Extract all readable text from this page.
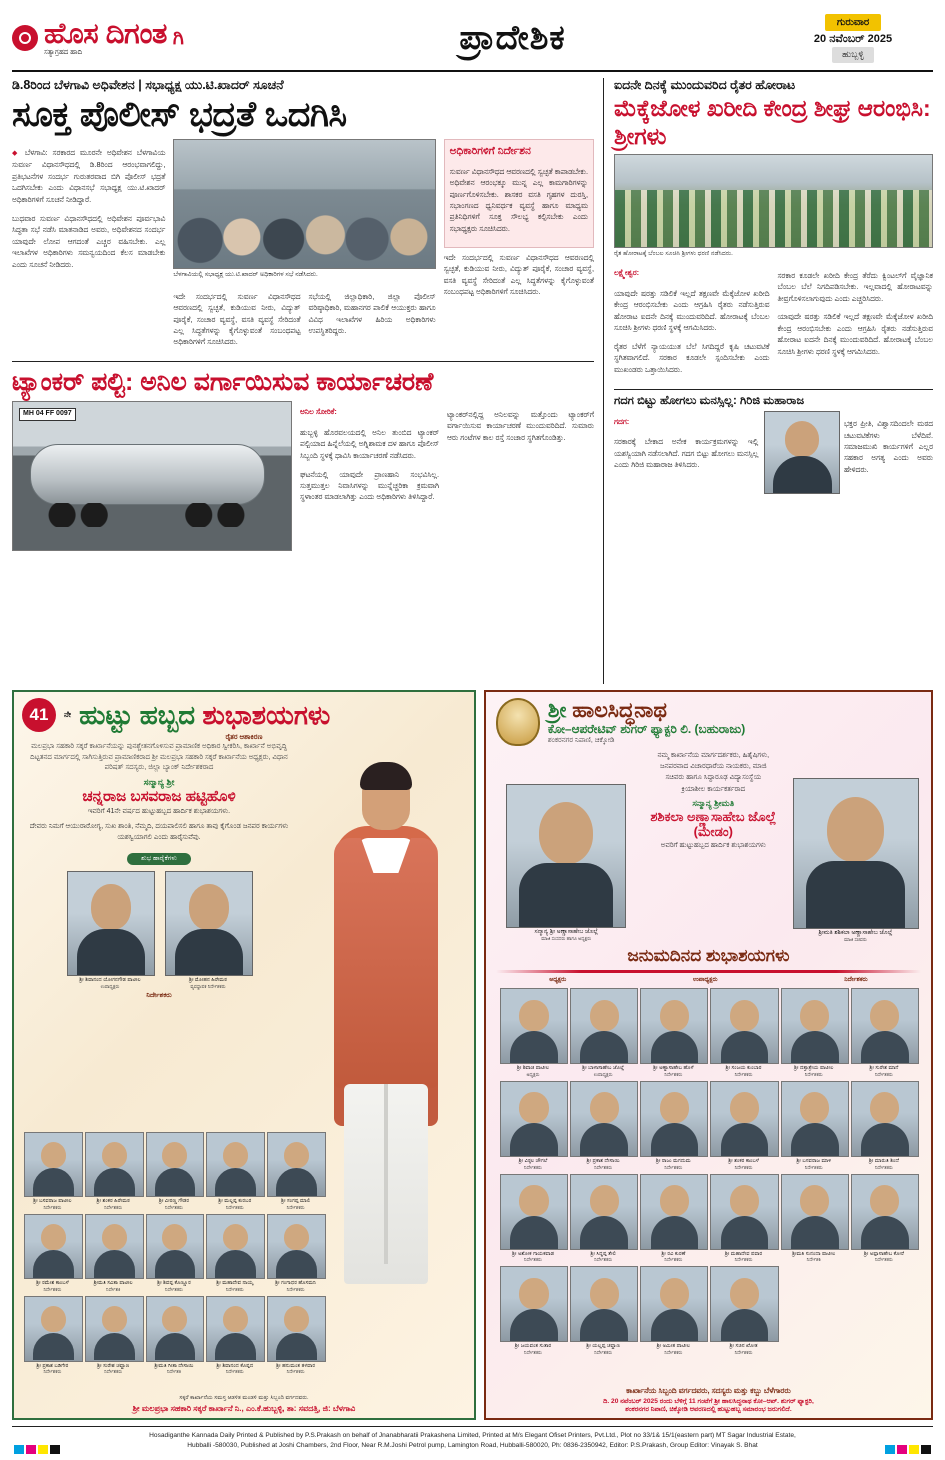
ಹೊಸ ದಿಗಂತ
ಸತ್ಯಾಗ್ರಹದ ಹಾದಿ
ಗಿ	ಪ್ರಾದೇಶಿಕ	ಗುರುವಾರ
20 ನವೆಂಬರ್ 2025
ಹುಬ್ಬಳ್ಳಿ
ಡಿ.8ರಿಂದ ಬೆಳಗಾವಿ ಅಧಿವೇಶನ | ಸಭಾಧ್ಯಕ್ಷ ಯು.ಟಿ.ಖಾದರ್ ಸೂಚನೆ
ಸೂಕ್ತ ಪೊಲೀಸ್ ಭದ್ರತೆ ಒದಗಿಸಿ

◆ ಬೆಳಗಾವಿ: ಸರಕಾರದ ಮೂರನೇ ಅಧಿವೇಶನ ಬೆಳಗಾವಿಯ ಸುವರ್ಣ ವಿಧಾನಸೌಧದಲ್ಲಿ ಡಿ.8ರಿಂದ ಆರಂಭವಾಗಲಿದ್ದು, ಪ್ರತಿಭಟನೆಗಳ ಸಂದರ್ಭ ಗುರುತರವಾದ ಬಿಗಿ ಪೊಲೀಸ್ ಭದ್ರತೆ ಒದಗಿಸಬೇಕು ಎಂದು ವಿಧಾನಸಭೆ ಸಭಾಧ್ಯಕ್ಷ ಯು.ಟಿ.ಖಾದರ್ ಅಧಿಕಾರಿಗಳಿಗೆ ಸೂಚನೆ ನೀಡಿದ್ದಾರೆ.

ಬುಧವಾರ ಸುವರ್ಣ ವಿಧಾನಸೌಧದಲ್ಲಿ ಅಧಿವೇಶನ ಪೂರ್ವಭಾವಿ ಸಿದ್ಧತಾ ಸಭೆ ನಡೆಸಿ ಮಾತನಾಡಿದ ಅವರು, ಅಧಿವೇಶನದ ಸಂದರ್ಭ ಯಾವುದೇ ಲೋಪ ಆಗದಂತೆ ಎಚ್ಚರ ವಹಿಸಬೇಕು. ಎಲ್ಲ ಇಲಾಖೆಗಳ ಅಧಿಕಾರಿಗಳು ಸಮನ್ವಯದಿಂದ ಕೆಲಸ ಮಾಡಬೇಕು ಎಂದು ಸೂಚನೆ ನೀಡಿದರು.

ಬೆಳಗಾವಿಯಲ್ಲಿ ಸಭಾಧ್ಯಕ್ಷ ಯು.ಟಿ.ಖಾದರ್ ಅಧಿಕಾರಿಗಳ ಸಭೆ ನಡೆಸಿದರು.

ಇದೇ ಸಂದರ್ಭದಲ್ಲಿ ಸುವರ್ಣ ವಿಧಾನಸೌಧದ ಆವರಣದಲ್ಲಿ ಸ್ವಚ್ಛತೆ, ಕುಡಿಯುವ ನೀರು, ವಿದ್ಯುತ್ ಪೂರೈಕೆ, ಸಂಚಾರ ವ್ಯವಸ್ಥೆ, ವಸತಿ ವ್ಯವಸ್ಥೆ ಸೇರಿದಂತೆ ಎಲ್ಲ ಸಿದ್ಧತೆಗಳನ್ನು ಕೈಗೊಳ್ಳುವಂತೆ ಸಂಬಂಧಪಟ್ಟ ಅಧಿಕಾರಿಗಳಿಗೆ ಸೂಚಿಸಿದರು.

ಸಭೆಯಲ್ಲಿ ಜಿಲ್ಲಾಧಿಕಾರಿ, ಜಿಲ್ಲಾ ಪೊಲೀಸ್ ವರಿಷ್ಠಾಧಿಕಾರಿ, ಮಹಾನಗರ ಪಾಲಿಕೆ ಆಯುಕ್ತರು ಹಾಗೂ ವಿವಿಧ ಇಲಾಖೆಗಳ ಹಿರಿಯ ಅಧಿಕಾರಿಗಳು ಉಪಸ್ಥಿತರಿದ್ದರು.

ಅಧಿಕಾರಿಗಳಿಗೆ ನಿರ್ದೇಶನ

ಸುವರ್ಣ ವಿಧಾನಸೌಧದ ಆವರಣದಲ್ಲಿ ಸ್ವಚ್ಛತೆ ಕಾಪಾಡಬೇಕು. ಅಧಿವೇಶನ ಆರಂಭಕ್ಕೂ ಮುನ್ನ ಎಲ್ಲ ಕಾಮಗಾರಿಗಳನ್ನು ಪೂರ್ಣಗೊಳಿಸಬೇಕು. ಶಾಸಕರ ವಸತಿ ಗೃಹಗಳ ದುರಸ್ತಿ, ಸಭಾಂಗಣದ ಧ್ವನಿವರ್ಧಕ ವ್ಯವಸ್ಥೆ ಹಾಗೂ ಮಾಧ್ಯಮ ಪ್ರತಿನಿಧಿಗಳಿಗೆ ಸೂಕ್ತ ಸೌಲಭ್ಯ ಕಲ್ಪಿಸಬೇಕು ಎಂದು ಸಭಾಧ್ಯಕ್ಷರು ಸೂಚಿಸಿದರು.

ಇದೇ ಸಂದರ್ಭದಲ್ಲಿ ಸುವರ್ಣ ವಿಧಾನಸೌಧದ ಆವರಣದಲ್ಲಿ ಸ್ವಚ್ಛತೆ, ಕುಡಿಯುವ ನೀರು, ವಿದ್ಯುತ್ ಪೂರೈಕೆ, ಸಂಚಾರ ವ್ಯವಸ್ಥೆ, ವಸತಿ ವ್ಯವಸ್ಥೆ ಸೇರಿದಂತೆ ಎಲ್ಲ ಸಿದ್ಧತೆಗಳನ್ನು ಕೈಗೊಳ್ಳುವಂತೆ ಸಂಬಂಧಪಟ್ಟ ಅಧಿಕಾರಿಗಳಿಗೆ ಸೂಚಿಸಿದರು.

ಟ್ಯಾಂಕರ್ ಪಲ್ಟಿ: ಅನಿಲ ವರ್ಗಾಯಿಸುವ ಕಾರ್ಯಾಚರಣೆ
MH 04 FF 0097	ಅನಿಲ ಸೋರಿಕೆ:

ಹುಬ್ಬಳ್ಳಿ ಹೊರವಲಯದಲ್ಲಿ ಅನಿಲ ತುಂಬಿದ ಟ್ಯಾಂಕರ್ ಪಲ್ಟಿಯಾದ ಹಿನ್ನೆಲೆಯಲ್ಲಿ ಅಗ್ನಿಶಾಮಕ ದಳ ಹಾಗೂ ಪೊಲೀಸ್ ಸಿಬ್ಬಂದಿ ಸ್ಥಳಕ್ಕೆ ಧಾವಿಸಿ ಕಾರ್ಯಾಚರಣೆ ನಡೆಸಿದರು.

ಘಟನೆಯಲ್ಲಿ ಯಾವುದೇ ಪ್ರಾಣಹಾನಿ ಸಂಭವಿಸಿಲ್ಲ. ಸುತ್ತಮುತ್ತಲ ನಿವಾಸಿಗಳನ್ನು ಮುನ್ನೆಚ್ಚರಿಕಾ ಕ್ರಮವಾಗಿ ಸ್ಥಳಾಂತರ ಮಾಡಲಾಗಿತ್ತು ಎಂದು ಅಧಿಕಾರಿಗಳು ತಿಳಿಸಿದ್ದಾರೆ.

ಟ್ಯಾಂಕರ್‌ನಲ್ಲಿದ್ದ ಅನಿಲವನ್ನು ಮತ್ತೊಂದು ಟ್ಯಾಂಕರ್‌ಗೆ ವರ್ಗಾಯಿಸುವ ಕಾರ್ಯಾಚರಣೆ ಮುಂದುವರಿದಿದೆ. ಸುಮಾರು ಆರು ಗಂಟೆಗಳ ಕಾಲ ರಸ್ತೆ ಸಂಚಾರ ಸ್ಥಗಿತಗೊಂಡಿತ್ತು.

ಐದನೇ ದಿನಕ್ಕೆ ಮುಂದುವರಿದ ರೈತರ ಹೋರಾಟ
ಮೆಕ್ಕೆಜೋಳ ಖರೀದಿ ಕೇಂದ್ರ ಶೀಘ್ರ ಆರಂಭಿಸಿ: ಶ್ರೀಗಳು
ರೈತ ಹೋರಾಟಕ್ಕೆ ಬೆಂಬಲ ಸೂಚಿಸಿ ಶ್ರೀಗಳು ಧರಣಿ ನಡೆಸಿದರು.
ಲಕ್ಷ್ಮೇಶ್ವರ:

ಯಾವುದೇ ಷರತ್ತು ಸಡಿಲಿಕೆ ಇಲ್ಲದೆ ತಕ್ಷಣವೇ ಮೆಕ್ಕೆಜೋಳ ಖರೀದಿ ಕೇಂದ್ರ ಆರಂಭಿಸಬೇಕು ಎಂದು ಆಗ್ರಹಿಸಿ ರೈತರು ನಡೆಸುತ್ತಿರುವ ಹೋರಾಟ ಐದನೇ ದಿನಕ್ಕೆ ಮುಂದುವರಿದಿದೆ. ಹೋರಾಟಕ್ಕೆ ಬೆಂಬಲ ಸೂಚಿಸಿ ಶ್ರೀಗಳು ಧರಣಿ ಸ್ಥಳಕ್ಕೆ ಆಗಮಿಸಿದರು.

ರೈತರ ಬೆಳೆಗೆ ನ್ಯಾಯಯುತ ಬೆಲೆ ಸಿಗದಿದ್ದರೆ ಕೃಷಿ ಚಟುವಟಿಕೆ ಸ್ಥಗಿತವಾಗಲಿದೆ. ಸರಕಾರ ಕೂಡಲೇ ಸ್ಪಂದಿಸಬೇಕು ಎಂದು ಮುಖಂಡರು ಒತ್ತಾಯಿಸಿದರು.

ಸರಕಾರ ಕೂಡಲೇ ಖರೀದಿ ಕೇಂದ್ರ ತೆರೆದು ಕ್ವಿಂಟಲ್‌ಗೆ ವೈಜ್ಞಾನಿಕ ಬೆಂಬಲ ಬೆಲೆ ನಿಗದಿಪಡಿಸಬೇಕು. ಇಲ್ಲವಾದಲ್ಲಿ ಹೋರಾಟವನ್ನು ತೀವ್ರಗೊಳಿಸಲಾಗುವುದು ಎಂದು ಎಚ್ಚರಿಸಿದರು.

ಯಾವುದೇ ಷರತ್ತು ಸಡಿಲಿಕೆ ಇಲ್ಲದೆ ತಕ್ಷಣವೇ ಮೆಕ್ಕೆಜೋಳ ಖರೀದಿ ಕೇಂದ್ರ ಆರಂಭಿಸಬೇಕು ಎಂದು ಆಗ್ರಹಿಸಿ ರೈತರು ನಡೆಸುತ್ತಿರುವ ಹೋರಾಟ ಐದನೇ ದಿನಕ್ಕೆ ಮುಂದುವರಿದಿದೆ. ಹೋರಾಟಕ್ಕೆ ಬೆಂಬಲ ಸೂಚಿಸಿ ಶ್ರೀಗಳು ಧರಣಿ ಸ್ಥಳಕ್ಕೆ ಆಗಮಿಸಿದರು.

ಗದಗ ಬಿಟ್ಟು ಹೋಗಲು ಮನಸ್ಸಿಲ್ಲ: ಗಿರಿಜಿ ಮಹಾರಾಜ
ಗದಗ:

ಸರಕಾರಕ್ಕೆ ಬೇಕಾದ ಅನೇಕ ಕಾರ್ಯಕ್ರಮಗಳನ್ನು ಇಲ್ಲಿ ಯಶಸ್ವಿಯಾಗಿ ನಡೆಸಲಾಗಿದೆ. ಗದಗ ಬಿಟ್ಟು ಹೋಗಲು ಮನಸ್ಸಿಲ್ಲ ಎಂದು ಗಿರಿಜಿ ಮಹಾರಾಜ ತಿಳಿಸಿದರು.

ಭಕ್ತರ ಪ್ರೀತಿ, ವಿಶ್ವಾಸದಿಂದಲೇ ಮಠದ ಚಟುವಟಿಕೆಗಳು ಬೆಳೆದಿವೆ. ಸಮಾಜಮುಖಿ ಕಾರ್ಯಗಳಿಗೆ ಎಲ್ಲರ ಸಹಕಾರ ಅಗತ್ಯ ಎಂದು ಅವರು ಹೇಳಿದರು.

41	ನೇ ಹುಟ್ಟು ಹಬ್ಬದ ಶುಭಾಶಯಗಳು
ರೈತರ ಆಶಾಕಿರಣ
ಮಲಪ್ರಭಾ ಸಹಕಾರಿ ಸಕ್ಕರೆ ಕಾರ್ಖಾನೆಯನ್ನು ಪುನಶ್ಚೇತನಗೊಳಿಸುವ ಪ್ರಾಮಾಣಿಕ ಅಧಿಕಾರ ಸ್ವೀಕರಿಸಿ, ಕಾರ್ಖಾನೆ ಅಭಿವೃದ್ಧಿ ದಿಟ್ಟತನದ ಮಾರ್ಗದಲ್ಲಿ ಸಾಗಿಸುತ್ತಿರುವ ಪ್ರಾಮಾಣಿಕರಾದ ಶ್ರೀ ಮಲಪ್ರಭಾ ಸಹಕಾರಿ ಸಕ್ಕರೆ ಕಾರ್ಖಾನೆಯ ಅಧ್ಯಕ್ಷರು, ವಿಧಾನ ಪರಿಷತ್ ಸದಸ್ಯರು, ಜಿಲ್ಲಾ ಬ್ಯಾಂಕ್ ನಿರ್ದೇಶಕರಾದ
ಸನ್ಮಾನ್ಯ ಶ್ರೀ
ಚನ್ನರಾಜ ಬಸವರಾಜ ಹಟ್ಟಿಹೊಳಿ
ಇವರಿಗೆ 41ನೇ ವರ್ಷದ ಹುಟ್ಟುಹಬ್ಬದ ಹಾರ್ದಿಕ ಶುಭಾಶಯಗಳು.
ದೇವರು ನಿಮಗೆ ಆಯುರಾರೋಗ್ಯ, ಸುಖ ಶಾಂತಿ, ನೆಮ್ಮದಿ, ದಯಪಾಲಿಸಲಿ ಹಾಗೂ ತಾವು ಕೈಗೊಂಡ ಜನಪರ ಕಾರ್ಯಗಳು ಯಶಸ್ವಿಯಾಗಲಿ ಎಂದು ಹಾರೈಸುವೆವು.
ಶುಭ ಹಾರೈಕೆಗಳು
ಶ್ರೀ ಶಿವಾನಂದ ಯೋಗನಗೌಡ ಪಾಟೀಲ
ಉಪಾಧ್ಯಕ್ಷರು
ಶ್ರೀ ಮೋಹನ ಹಿರೇಮಠ
ವ್ಯವಸ್ಥಾಪಕ ನಿರ್ದೇಶಕರು
ನಿರ್ದೇಶಕರು
ಶ್ರೀ ಬಸವರಾಜ ಪಾಟೀಲ
ನಿರ್ದೇಶಕರು
ಶ್ರೀ ಶಂಕರ ಹಿರೇಮಠ
ನಿರ್ದೇಶಕರು
ಶ್ರೀ ವೀರಣ್ಣ ಗೌಡರ
ನಿರ್ದೇಶಕರು
ಶ್ರೀ ಮಲ್ಲಪ್ಪ ಕುರಬರ
ನಿರ್ದೇಶಕರು
ಶ್ರೀ ಸಂಗಪ್ಪ ಮಾಲಿ
ನಿರ್ದೇಶಕರು
ಶ್ರೀ ರಮೇಶ ಕಾಂಬಳೆ
ನಿರ್ದೇಶಕರು
ಶ್ರೀಮತಿ ಸವಿತಾ ಪಾಟೀಲ
ನಿರ್ದೇಶಕಿ
ಶ್ರೀ ಶಿವಪ್ಪ ಕೊಣ್ಣೂರ
ನಿರ್ದೇಶಕರು
ಶ್ರೀ ಮಹಾದೇವ ನಾಯ್ಕ
ನಿರ್ದೇಶಕರು
ಶ್ರೀ ಗಂಗಾಧರ ಹೊಸಮನಿ
ನಿರ್ದೇಶಕರು
ಶ್ರೀ ಪ್ರಕಾಶ ಬಡಿಗೇರ
ನಿರ್ದೇಶಕರು
ಶ್ರೀ ಸುರೇಶ ಚವ್ಹಾಣ
ನಿರ್ದೇಶಕರು
ಶ್ರೀಮತಿ ಗೀತಾ ದೇಸಾಯಿ
ನಿರ್ದೇಶಕಿ
ಶ್ರೀ ಶಿವಾನಂದ ಕೊಪ್ಪದ
ನಿರ್ದೇಶಕರು
ಶ್ರೀ ಹನುಮಂತ ತಳವಾರ
ನಿರ್ದೇಶಕರು
ಸಕ್ಕರೆ ಕಾರ್ಖಾನೆಯ ಸಮಸ್ತ ಆಡಳಿತ ಮಂಡಳಿ ಮತ್ತು ಸಿಬ್ಬಂದಿ ವರ್ಗದವರು.
ಶ್ರೀ ಮಲಪ್ರಭಾ ಸಹಕಾರಿ ಸಕ್ಕರೆ ಕಾರ್ಖಾನೆ ನಿ., ಎಂ.ಕೆ.ಹುಬ್ಬಳ್ಳಿ, ತಾ: ಸವದತ್ತಿ, ಜಿ: ಬೆಳಗಾವಿ
ಶ್ರೀ ಹಾಲಸಿದ್ಧನಾಥ
ಕೋ–ಆಪರೇಟಿವ್ ಶುಗರ್ ಫ್ಯಾಕ್ಟರಿ ಲಿ. (ಬಹುರಾಜು)
ಶಂಕರನಗರ ನಿಪಾಣಿ, ಚಿಕ್ಕೋಡಿ
ಸನ್ಮಾನ್ಯ ಶ್ರೀ ಅಣ್ಣಾಸಾಹೇಬ ಜೊಲ್ಲೆ
ಮಾಜಿ ಸಂಸದರು ಹಾಗೂ ಅಧ್ಯಕ್ಷರು
ನಮ್ಮ ಕಾರ್ಖಾನೆಯ ಮಾರ್ಗದರ್ಶಕರು, ಹಿತೈಷಿಗಳು, ಜನಪರವಾದ ವಿಚಾರಧಾರೆಯ ನಾಯಕರು, ಮಾಜಿ ಸಚಿವರು ಹಾಗೂ ಸಿದ್ಧಾರೂಢ ವಿದ್ಯಾಸಂಸ್ಥೆಯ ಕ್ರಿಯಾಶೀಲ ಕಾರ್ಯಕರ್ತರಾದ
ಸನ್ಮಾನ್ಯ ಶ್ರೀಮತಿ
ಶಶಿಕಲಾ ಅಣ್ಣಾಸಾಹೇಬ ಜೊಲ್ಲೆ (ಮೇಡಂ)
ಅವರಿಗೆ ಹುಟ್ಟುಹಬ್ಬದ ಹಾರ್ದಿಕ ಶುಭಾಶಯಗಳು
ಶ್ರೀಮತಿ ಶಶಿಕಲಾ ಅಣ್ಣಾಸಾಹೇಬ ಜೊಲ್ಲೆ
ಮಾಜಿ ಸಚಿವರು
ಜನುಮದಿನದ ಶುಭಾಶಯಗಳು
ಅಧ್ಯಕ್ಷರು	ಉಪಾಧ್ಯಕ್ಷರು	ನಿರ್ದೇಶಕರು
ಶ್ರೀ ಶಿವಾಜಿ ಪಾಟೀಲ
ಅಧ್ಯಕ್ಷರು
ಶ್ರೀ ಬಾಳಾಸಾಹೇಬ ಜೊಲ್ಲೆ
ಉಪಾಧ್ಯಕ್ಷರು
ಶ್ರೀ ಅಣ್ಣಾಸಾಹೇಬ ಹೊಳೆ
ನಿರ್ದೇಶಕರು
ಶ್ರೀ ಸಂಜಯ ಕುಂಬಾರ
ನಿರ್ದೇಶಕರು
ಶ್ರೀ ದತ್ತಾತ್ರೇಯ ಪಾಟೀಲ
ನಿರ್ದೇಶಕರು
ಶ್ರೀ ಸುರೇಶ ಮಾನೆ
ನಿರ್ದೇಶಕರು
ಶ್ರೀ ವಿಠ್ಠಲ ಚೌಗಲೆ
ನಿರ್ದೇಶಕರು
ಶ್ರೀ ಪ್ರಕಾಶ ದೇಸಾಯಿ
ನಿರ್ದೇಶಕರು
ಶ್ರೀ ರಾಜು ಮಗದುಮ
ನಿರ್ದೇಶಕರು
ಶ್ರೀ ಶಂಕರ ಕಾಂಬಳೆ
ನಿರ್ದೇಶಕರು
ಶ್ರೀ ಬಸವರಾಜ ಮಾಳಿ
ನಿರ್ದೇಶಕರು
ಶ್ರೀ ಮಾರುತಿ ಶಿಂದೆ
ನಿರ್ದೇಶಕರು
ಶ್ರೀ ಅಶೋಕ ಗಾಯಕವಾಡ
ನಿರ್ದೇಶಕರು
ಶ್ರೀ ಸಿದ್ದಪ್ಪ ತೇಲಿ
ನಿರ್ದೇಶಕರು
ಶ್ರೀ ರವಿ ಕುರಣೆ
ನಿರ್ದೇಶಕರು
ಶ್ರೀ ಮಹಾದೇವ ಪವಾರ
ನಿರ್ದೇಶಕರು
ಶ್ರೀಮತಿ ಸುನಂದಾ ಪಾಟೀಲ
ನಿರ್ದೇಶಕಿ
ಶ್ರೀ ಅಪ್ಪಾಸಾಹೇಬ ಕೋರೆ
ನಿರ್ದೇಶಕರು
ಶ್ರೀ ಜಯವಂತ ಸುತಾರ
ನಿರ್ದೇಶಕರು
ಶ್ರೀ ಯಲ್ಲಪ್ಪ ಚವ್ಹಾಣ
ನಿರ್ದೇಶಕರು
ಶ್ರೀ ಅಮೀತ ಪಾಟೀಲ
ನಿರ್ದೇಶಕರು
ಶ್ರೀ ಸಚಿನ ಖೋತ
ನಿರ್ದೇಶಕರು
ಕಾರ್ಖಾನೆಯ ಸಿಬ್ಬಂದಿ ವರ್ಗದವರು, ಸದಸ್ಯರು ಮತ್ತು ಕಬ್ಬು ಬೆಳೆಗಾರರು
ದಿ. 20 ನವೆಂಬರ್ 2025 ರಂದು ಬೆಳಿಗ್ಗೆ 11 ಗಂಟೆಗೆ ಶ್ರೀ ಹಾಲಸಿದ್ಧನಾಥ ಕೋ–ಆಪ್. ಶುಗರ್ ಫ್ಯಾಕ್ಟರಿ,
ಶಂಕರನಗರ ನಿಪಾಣಿ, ಚಿಕ್ಕೋಡಿ ಆವರಣದಲ್ಲಿ ಹುಟ್ಟುಹಬ್ಬ ಸಮಾರಂಭ ಜರುಗಲಿದೆ.
Hosadiganthe Kannada Daily Printed & Published by P.S.Prakash on behalf of Jnanabharatii Prakashena Limited, Printed at M/s Elegant Ofiset Printers, Pvt.Ltd., Plot no 33/1& 15/1(eastern part) MT Sagar Industrial Estate,
Hubballi -580030, Published at Joshi Chambers, 2nd Floor, Near R.M.Joshi Petrol pump, Lamington Road, Hubballi-580020, Ph: 0836-2350942, Editor: P.S.Prakash, Group Editor: Vinayak S. Bhat
